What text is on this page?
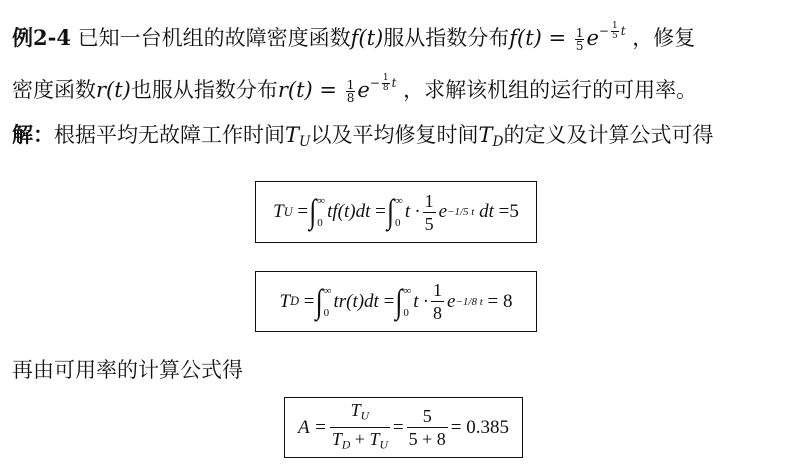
例2-4 已知一台机组的故障密度函数f(t)服从指数分布$f(t) = \frac{1}{5} e^{- \frac{1}{5} t}$ ，修复
密度函数r(t)也服从指数分布$r(t) = \frac{1}{8} e^{- \frac{1}{8} t}$ ，求解该机组的运行的可用率。
解：根据平均无故障工作时间$T_U$以及平均修复时间$T_D$的定义及计算公式可得
T U
= ∫ ∞
0
tf(t)dt
= ∫ ∞
0
$t \cdot \frac{1}{5}$ e −1/5 t
dt
=5
T D
= ∫ ∞
0
tr(t)dt
= ∫ ∞
0
$t \cdot \frac{1}{8}$ e −1/8 t
= 8
再由可用率的计算公式得
$A = \frac{T_U}{T_D + T_U} = \frac{5}{5 + 8} = 0.385$
